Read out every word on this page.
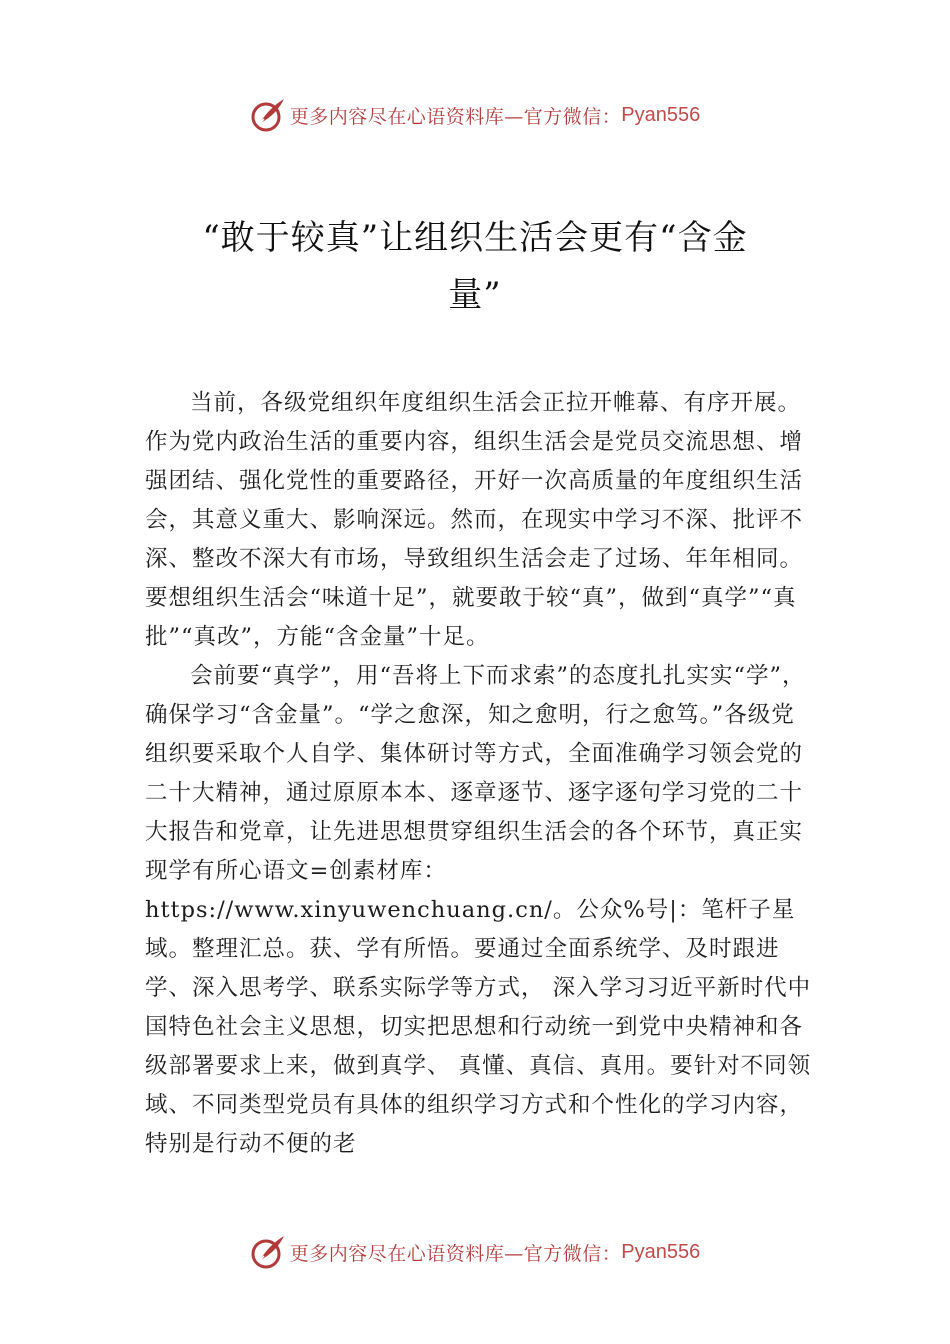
更多内容尽在心语资料库—官方微信： Pyan556
“敢于较真”让组织生活会更有“含金
量”

当前，各级党组织年度组织生活会正拉开帷幕、有序开展。作为党内政治生活的重要内容，组织生活会是党员交流思想、增强团结、强化党性的重要路径，开好一次高质量的年度组织生活会，其意义重大、影响深远。然而，在现实中学习不深、批评不深、整改不深大有市场，导致组织生活会走了过场、年年相同。要想组织生活会“味道十足”，就要敢于较“真”，做到“真学”“真批”“真改”，方能“含金量”十足。

会前要“真学”，用“吾将上下而求索”的态度扎扎实实“学”，确保学习“含金量”。“学之愈深，知之愈明，行之愈笃。”各级党组织要采取个人自学、集体研讨等方式，全面准确学习领会党的二十大精神，通过原原本本、逐章逐节、逐字逐句学习党的二十大报告和党章，让先进思想贯穿组织生活会的各个环节，真正实现学有所心语文=创素材库：https://www.xinyuwenchuang.cn/。公众%号|：笔杆子星域。整理汇总。获、学有所悟。要通过全面系统学、及时跟进学、深入思考学、联系实际学等方式， 深入学习习近平新时代中国特色社会主义思想，切实把思想和行动统一到党中央精神和各级部署要求上来，做到真学、 真懂、真信、真用。要针对不同领域、不同类型党员有具体的组织学习方式和个性化的学习内容，特别是行动不便的老

更多内容尽在心语资料库—官方微信： Pyan556
